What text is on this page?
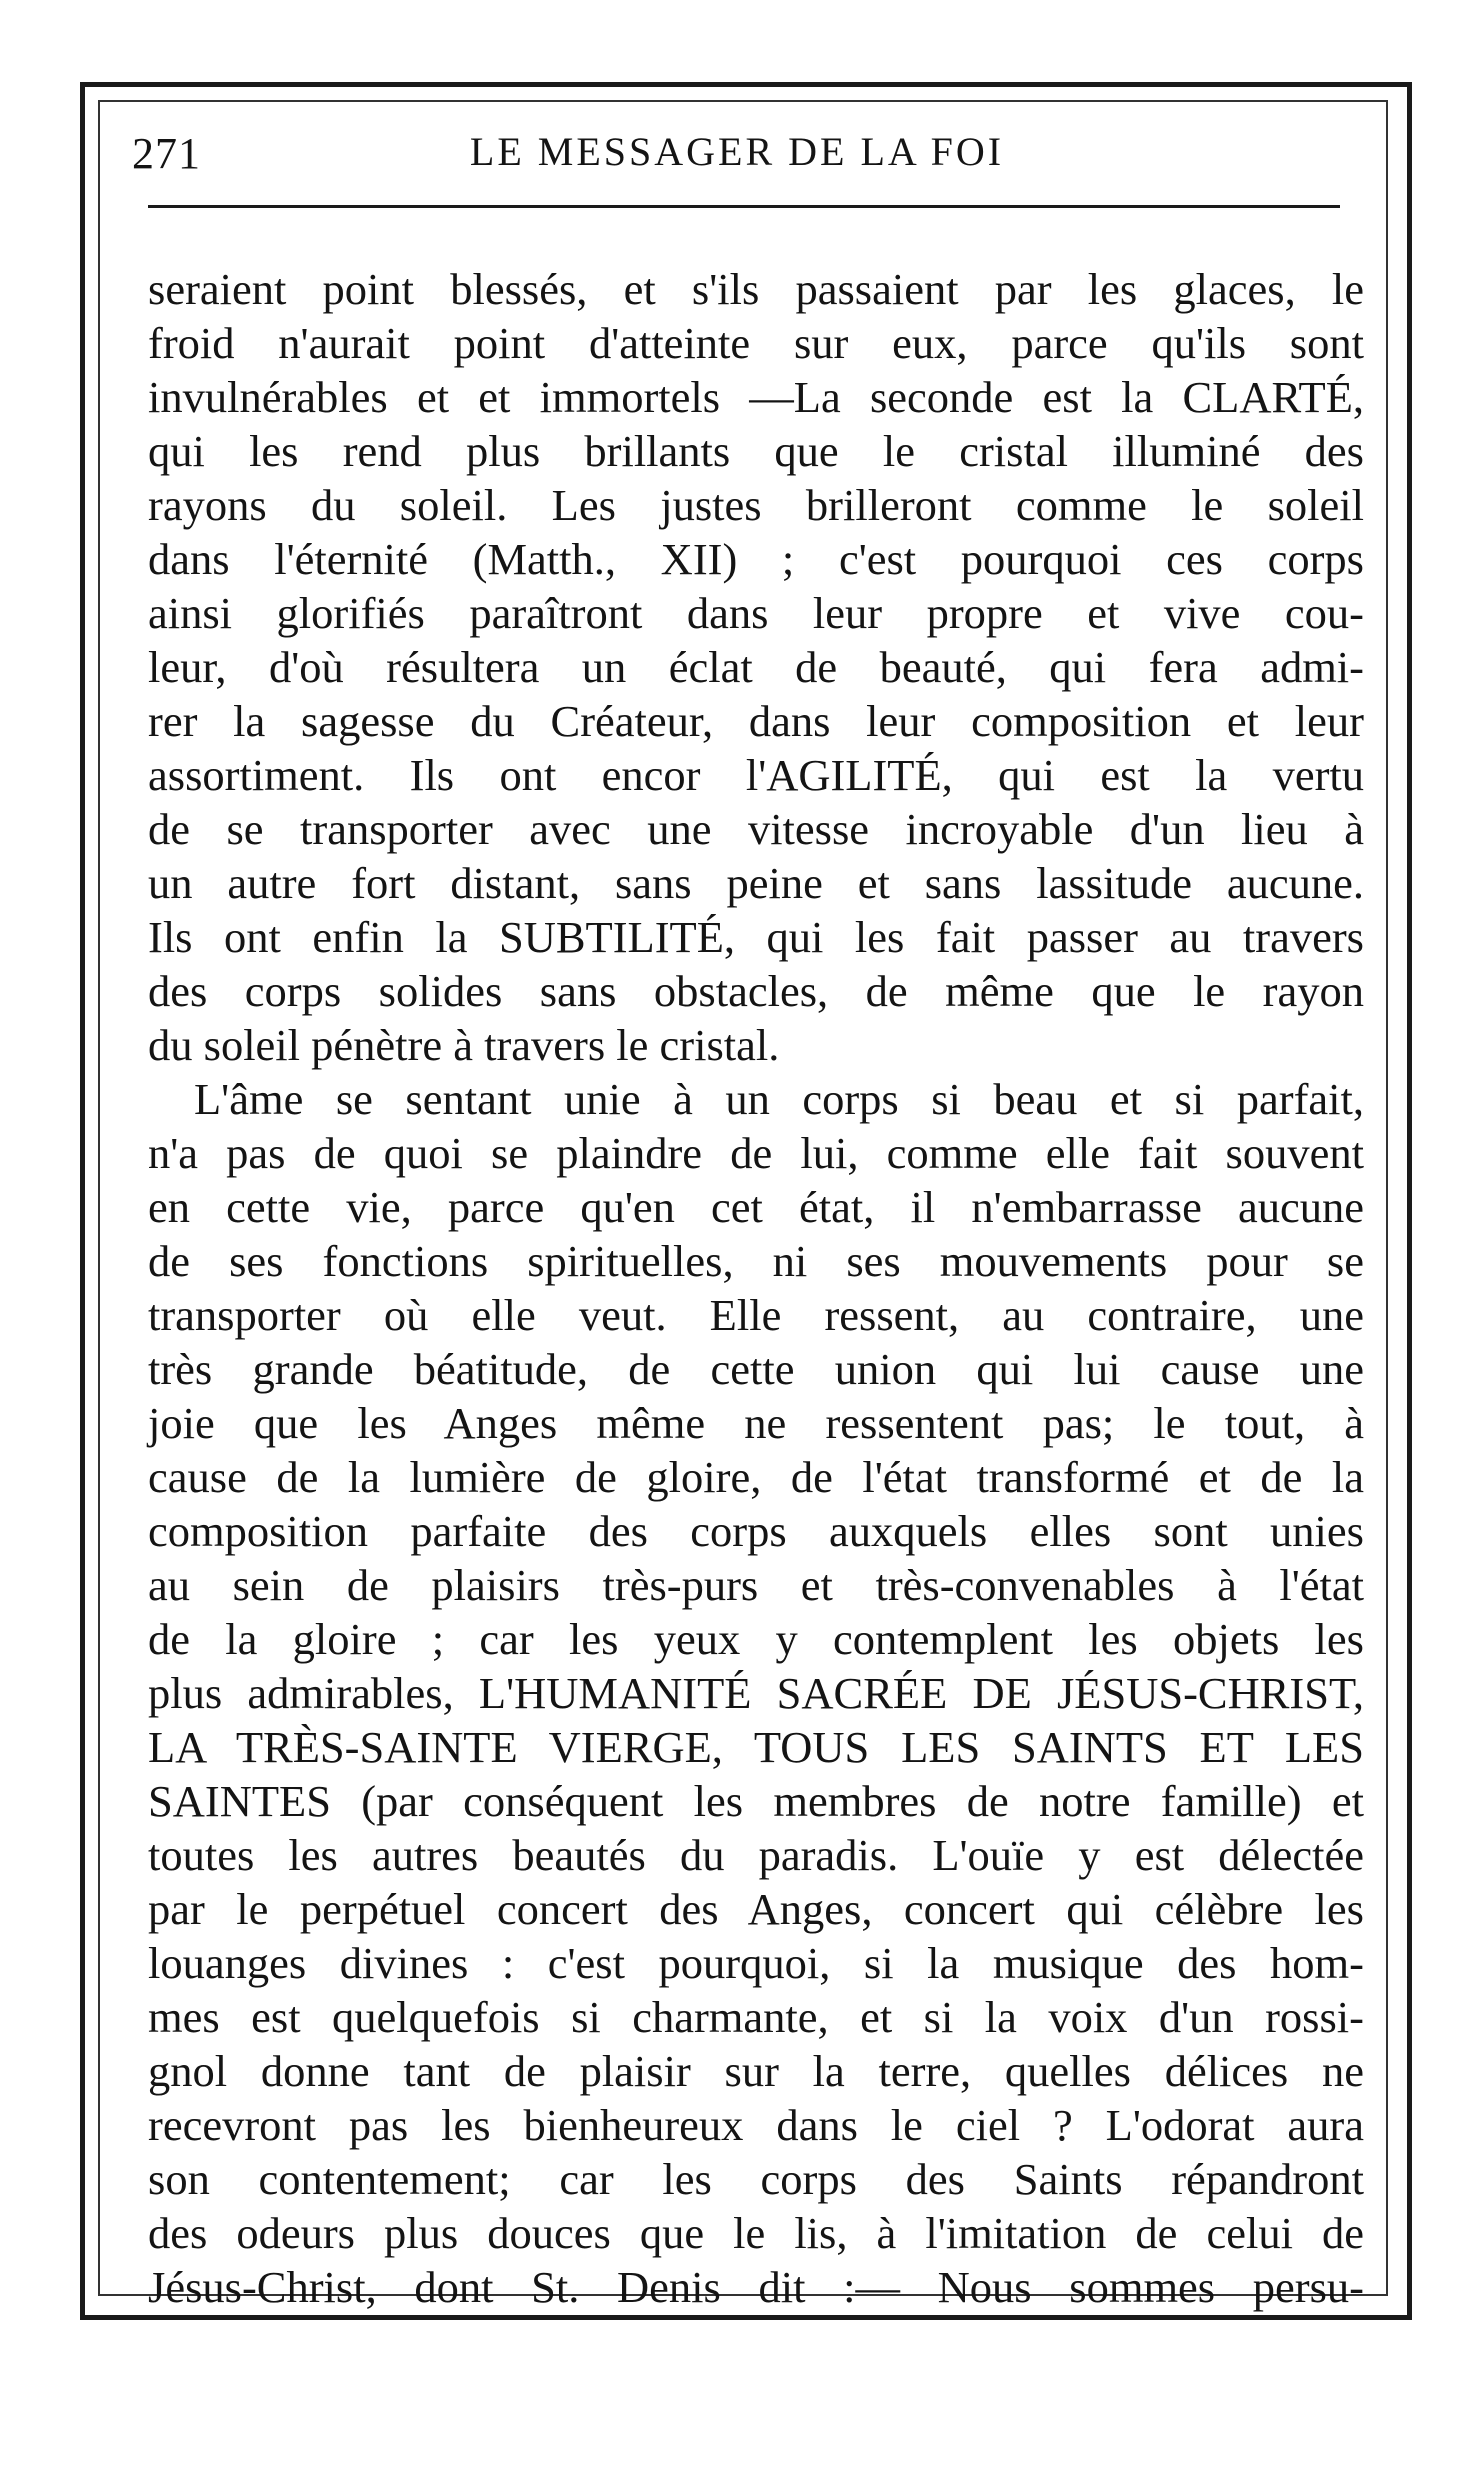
271	LE MESSAGER DE LA FOI
seraient point blessés, et s'ils passaient par les glaces, le
froid n'aurait point d'atteinte sur eux, parce qu'ils sont
invulnérables et et immortels —La seconde est la CLARTÉ,
qui les rend plus brillants que le cristal illuminé des
rayons du soleil. Les justes brilleront comme le soleil
dans l'éternité (Matth., XII) ; c'est pourquoi ces corps
ainsi glorifiés paraîtront dans leur propre et vive cou-
leur, d'où résultera un éclat de beauté, qui fera admi-
rer la sagesse du Créateur, dans leur composition et leur
assortiment. Ils ont encor l'AGILITÉ, qui est la vertu
de se transporter avec une vitesse incroyable d'un lieu à
un autre fort distant, sans peine et sans lassitude aucune.
Ils ont enfin la SUBTILITÉ, qui les fait passer au travers
des corps solides sans obstacles, de même que le rayon
du soleil pénètre à travers le cristal.
L'âme se sentant unie à un corps si beau et si parfait,
n'a pas de quoi se plaindre de lui, comme elle fait souvent
en cette vie, parce qu'en cet état, il n'embarrasse aucune
de ses fonctions spirituelles, ni ses mouvements pour se
transporter où elle veut. Elle ressent, au contraire, une
très grande béatitude, de cette union qui lui cause une
joie que les Anges même ne ressentent pas; le tout, à
cause de la lumière de gloire, de l'état transformé et de la
composition parfaite des corps auxquels elles sont unies
au sein de plaisirs très-purs et très-convenables à l'état
de la gloire ; car les yeux y contemplent les objets les
plus admirables, L'HUMANITÉ SACRÉE DE JÉSUS-CHRIST,
LA TRÈS-SAINTE VIERGE, TOUS LES SAINTS ET LES
SAINTES (par conséquent les membres de notre famille) et
toutes les autres beautés du paradis. L'ouïe y est délectée
par le perpétuel concert des Anges, concert qui célèbre les
louanges divines : c'est pourquoi, si la musique des hom-
mes est quelquefois si charmante, et si la voix d'un rossi-
gnol donne tant de plaisir sur la terre, quelles délices ne
recevront pas les bienheureux dans le ciel ? L'odorat aura
son contentement; car les corps des Saints répandront
des odeurs plus douces que le lis, à l'imitation de celui de
Jésus-Christ, dont St. Denis dit :— Nous sommes persu-
